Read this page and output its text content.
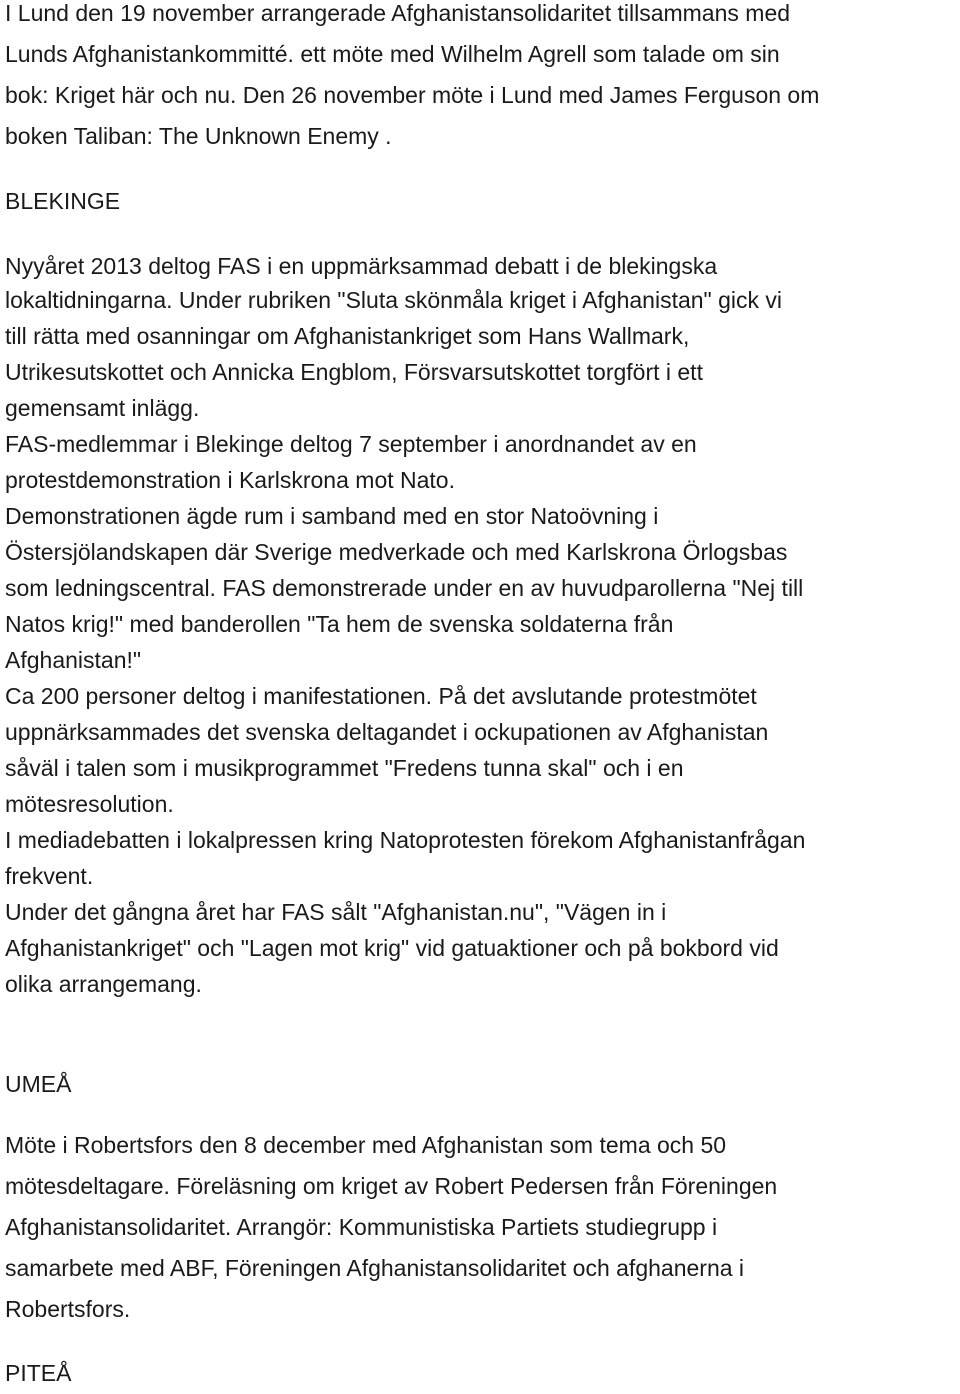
I Lund den 19 november arrangerade Afghanistansolidaritet tillsammans med
Lunds Afghanistankommitté. ett möte med Wilhelm Agrell som talade om sin
bok: Kriget här och nu. Den 26 november möte i Lund med James Ferguson om
boken Taliban: The Unknown Enemy .

BLEKINGE

Nyyåret 2013 deltog FAS i en uppmärksammad debatt i de blekingska

lokaltidningarna. Under rubriken "Sluta skönmåla kriget i Afghanistan" gick vi
till rätta med osanningar om Afghanistankriget som Hans Wallmark,
Utrikesutskottet och Annicka Engblom, Försvarsutskottet torgfört i ett
gemensamt inlägg.
FAS-medlemmar i Blekinge deltog 7 september i anordnandet av en
protestdemonstration i Karlskrona mot Nato.
Demonstrationen ägde rum i samband med en stor Natoövning i
Östersjölandskapen där Sverige medverkade och med Karlskrona Örlogsbas
som ledningscentral. FAS demonstrerade under en av huvudparollerna "Nej till
Natos krig!" med banderollen "Ta hem de svenska soldaterna från
Afghanistan!"
Ca 200 personer deltog i manifestationen. På det avslutande protestmötet
uppnärksammades det svenska deltagandet i ockupationen av Afghanistan
såväl i talen som i musikprogrammet "Fredens tunna skal" och i en
mötesresolution.
I mediadebatten i lokalpressen kring Natoprotesten förekom Afghanistanfrågan
frekvent.
Under det gångna året har FAS sålt "Afghanistan.nu", "Vägen in i
Afghanistankriget" och "Lagen mot krig" vid gatuaktioner och på bokbord vid
olika arrangemang.

UMEÅ

Möte i Robertsfors den 8 december med Afghanistan som tema och 50
mötesdeltagare. Föreläsning om kriget av Robert Pedersen från Föreningen
Afghanistansolidaritet. Arrangör: Kommunistiska Partiets studiegrupp i
samarbete med ABF, Föreningen Afghanistansolidaritet och afghanerna i
Robertsfors.

PITEÅ
